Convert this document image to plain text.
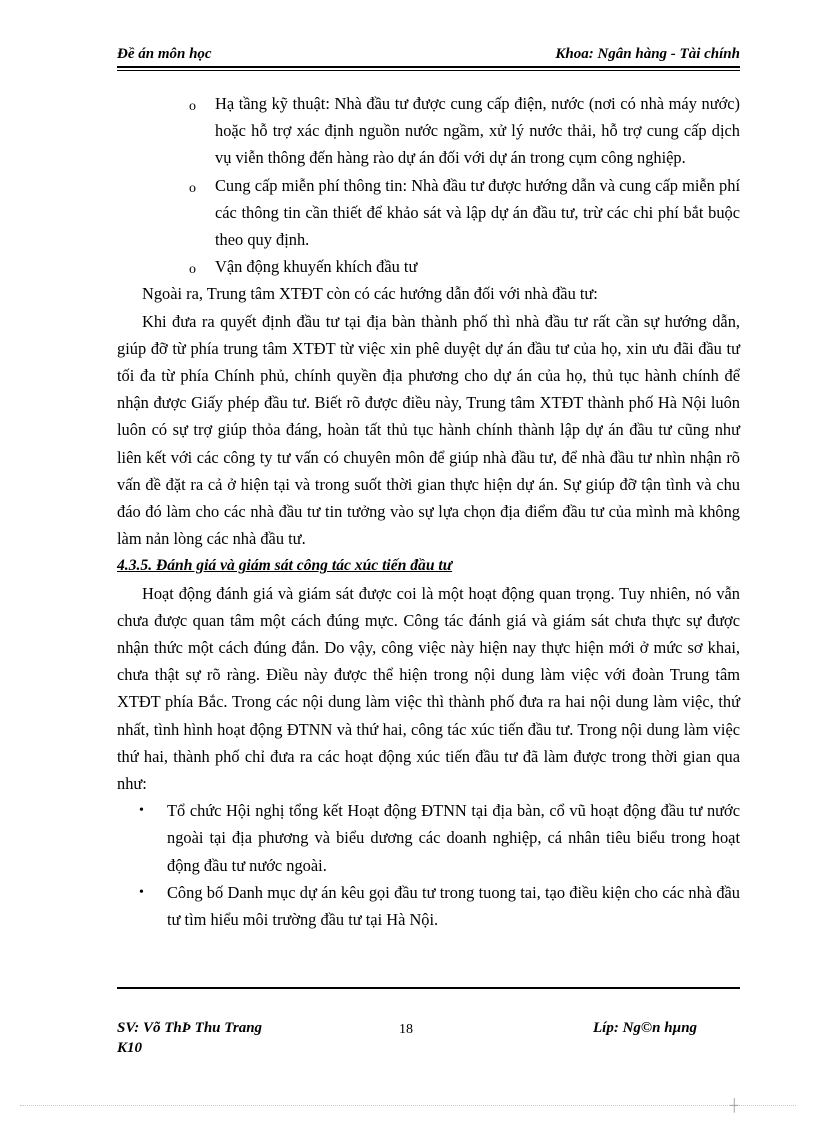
Đề án môn học	Khoa: Ngân hàng - Tài chính

o Hạ tầng kỹ thuật: Nhà đầu tư được cung cấp điện, nước (nơi có nhà máy nước) hoặc hỗ trợ xác định nguồn nước ngầm, xử lý nước thải, hỗ trợ cung cấp dịch vụ viễn thông đến hàng rào dự án đối với dự án trong cụm công nghiệp.

o Cung cấp miễn phí thông tin: Nhà đầu tư được hướng dẫn và cung cấp miễn phí các thông tin cần thiết để khảo sát và lập dự án đầu tư, trừ các chi phí bắt buộc theo quy định.

o Vận động khuyến khích đầu tư

Ngoài ra, Trung tâm XTĐT còn có các hướng dẫn đối với nhà đầu tư:

Khi đưa ra quyết định đầu tư tại địa bàn thành phố thì nhà đầu tư rất cần sự hướng dẫn, giúp đỡ từ phía trung tâm XTĐT từ việc xin phê duyệt dự án đầu tư của họ, xin ưu đãi đầu tư tối đa từ phía Chính phủ, chính quyền địa phương cho dự án của họ, thủ tục hành chính để nhận được Giấy phép đầu tư. Biết rõ được điều này, Trung tâm XTĐT thành phố Hà Nội luôn luôn có sự trợ giúp thỏa đáng, hoàn tất thủ tục hành chính thành lập dự án đầu tư cũng như liên kết với các công ty tư vấn có chuyên môn để giúp nhà đầu tư, để nhà đầu tư nhìn nhận rõ vấn đề đặt ra cả ở hiện tại và trong suốt thời gian thực hiện dự án. Sự giúp đỡ tận tình và chu đáo đó làm cho các nhà đầu tư tin tưởng vào sự lựa chọn địa điểm đầu tư của mình mà không làm nản lòng các nhà đầu tư.

4.3.5. Đánh giá và giám sát công tác xúc tiến đầu tư

Hoạt động đánh giá và giám sát được coi là một hoạt động quan trọng. Tuy nhiên, nó vẫn chưa được quan tâm một cách đúng mực. Công tác đánh giá và giám sát chưa thực sự được nhận thức một cách đúng đắn. Do vậy, công việc này hiện nay thực hiện mới ở mức sơ khai, chưa thật sự rõ ràng. Điều này được thể hiện trong nội dung làm việc với đoàn Trung tâm XTĐT phía Bắc. Trong các nội dung làm việc thì thành phố đưa ra hai nội dung làm việc, thứ nhất, tình hình hoạt động ĐTNN và thứ hai, công tác xúc tiến đầu tư. Trong nội dung làm việc thứ hai, thành phố chỉ đưa ra các hoạt động xúc tiến đầu tư đã làm được trong thời gian qua như:

• Tổ chức Hội nghị tổng kết Hoạt động ĐTNN tại địa bàn, cổ vũ hoạt động đầu tư nước ngoài tại địa phương và biểu dương các doanh nghiệp, cá nhân tiêu biểu trong hoạt động đầu tư nước ngoài.

• Công bố Danh mục dự án kêu gọi đầu tư trong tuong tai, tạo điều kiện cho các nhà đầu tư tìm hiểu môi trường đầu tư tại Hà Nội.

SV: Võ ThÞ Thu Trang
K10
18	Líp: Ng©n hµng
┼
